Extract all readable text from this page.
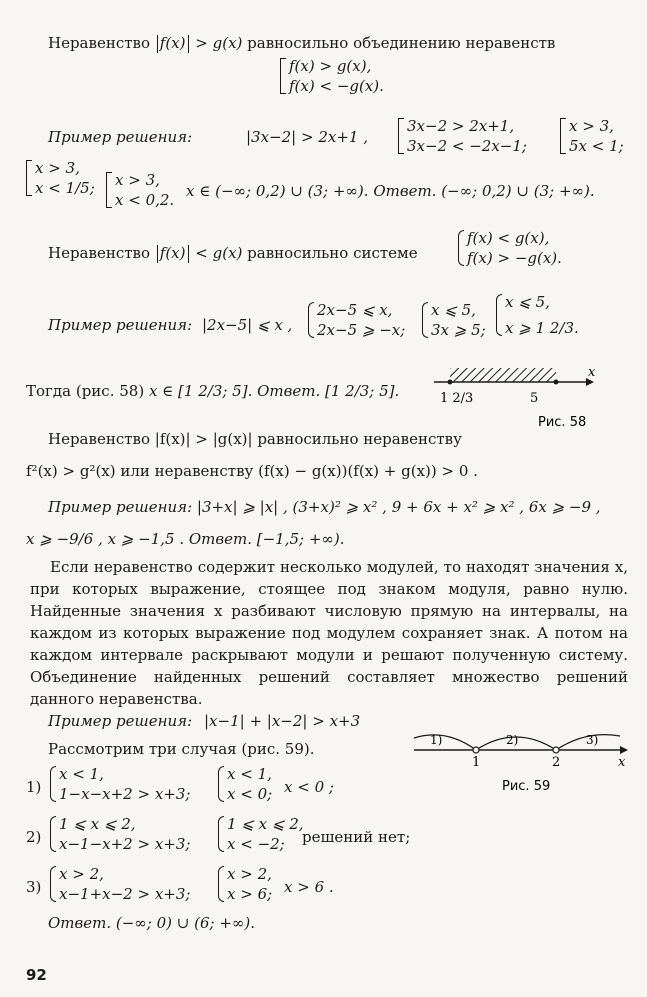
Неравенство f(x) > g(x) равносильно объединению неравенств
f(x) > g(x),
f(x) < −g(x).
Пример решения:	|3x−2| > 2x+1 ,
3x−2 > 2x+1,
3x−2 < −2x−1;
x > 3,
5x < 1;
x > 3,
x < 1/5; x > 3,
x < 0,2. x ∈ (−∞; 0,2) ∪ (3; +∞). Ответ. (−∞; 0,2) ∪ (3; +∞).
Неравенство f(x) < g(x) равносильно системе
f(x) < g(x),
f(x) > −g(x).
Пример решения: |2x−5| ⩽ x ,
2x−5 ⩽ x,
2x−5 ⩾ −x;
x ⩽ 5,
3x ⩾ 5;
x ⩽ 5,
x ⩾ 1 2/3.
Тогда (рис. 58) x ∈ [1 2/3; 5]. Ответ. [1 2/3; 5].	1 2/3	5
x
Рис. 58
Неравенство |f(x)| > |g(x)| равносильно неравенству
f²(x) > g²(x) или неравенству (f(x) − g(x))(f(x) + g(x)) > 0 .
Пример решения: |3+x| ⩾ |x| , (3+x)² ⩾ x² , 9 + 6x + x² ⩾ x² , 6x ⩾ −9 ,
x ⩾ −9/6 , x ⩾ −1,5 . Ответ. [−1,5; +∞).
Если неравенство содержит несколько модулей, то находят значения x, при которых выражение, стоящее под знаком модуля, равно нулю. Найденные значения x разбивают числовую прямую на интервалы, на каждом из которых выражение под модулем сохраняет знак. А потом на каждом интервале раскрывают модули и решают полученную систему. Объединение найденных решений составляет множество решений данного неравенства.
Пример решения: |x−1| + |x−2| > x+3
Рассмотрим три случая (рис. 59).	1)	2)	3)
1	2	x
Рис. 59
1)
x < 1,
1−x−x+2 > x+3;
x < 1,
x < 0; x < 0 ;
2)
1 ⩽ x ⩽ 2,
x−1−x+2 > x+3;
1 ⩽ x ⩽ 2,
x < −2;	решений нет;
3)
x > 2,
x−1+x−2 > x+3;
x > 2,
x > 6; x > 6 .
Ответ. (−∞; 0) ∪ (6; +∞).
92
